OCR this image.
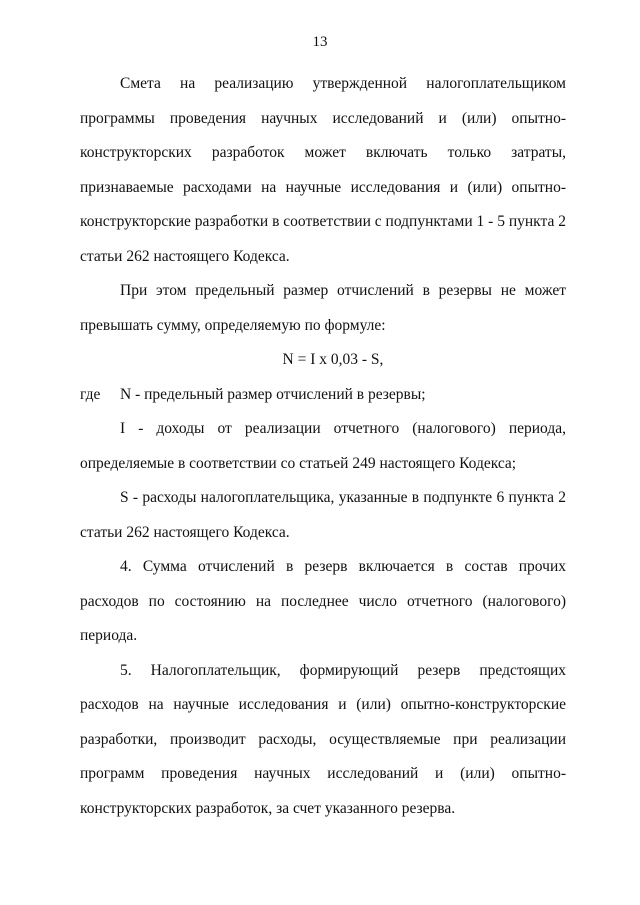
13

Смета на реализацию утвержденной налогоплательщиком программы проведения научных исследований и (или) опытно-конструкторских разработок может включать только затраты, признаваемые расходами на научные исследования и (или) опытно-конструкторские разработки в соответствии с подпунктами 1 - 5 пункта 2 статьи 262 настоящего Кодекса.

При этом предельный размер отчислений в резервы не может превышать сумму, определяемую по формуле:

N = I x 0,03 - S,

где N - предельный размер отчислений в резервы;

I - доходы от реализации отчетного (налогового) периода, определяемые в соответствии со статьей 249 настоящего Кодекса;

S - расходы налогоплательщика, указанные в подпункте 6 пункта 2 статьи 262 настоящего Кодекса.

4. Сумма отчислений в резерв включается в состав прочих расходов по состоянию на последнее число отчетного (налогового) периода.

5. Налогоплательщик, формирующий резерв предстоящих расходов на научные исследования и (или) опытно-конструкторские разработки, производит расходы, осуществляемые при реализации программ проведения научных исследований и (или) опытно-конструкторских разработок, за счет указанного резерва.
